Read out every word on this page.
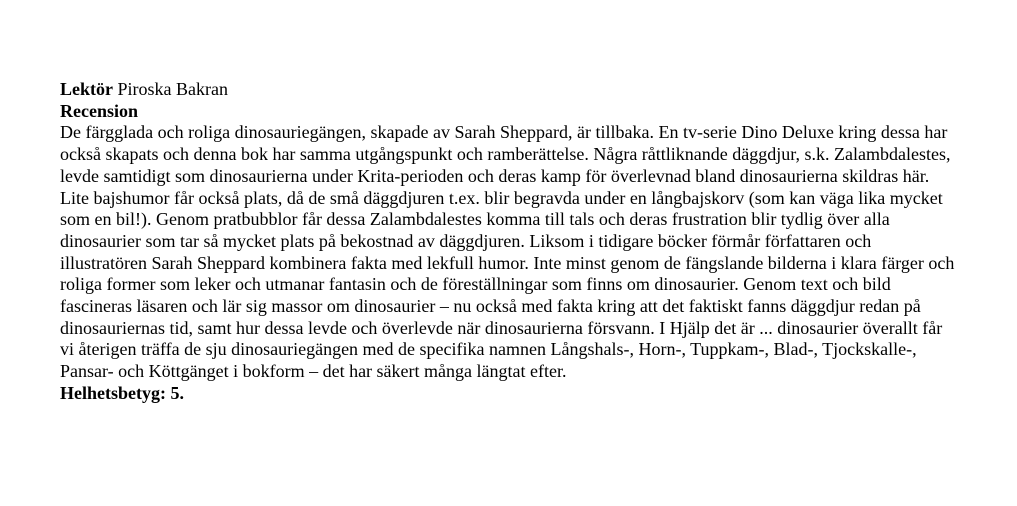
Lektör Piroska Bakran
Recension

De färgglada och roliga dinosauriegängen, skapade av Sarah Sheppard, är tillbaka. En tv-serie Dino Deluxe kring dessa har också skapats och denna bok har samma utgångspunkt och ramberättelse. Några råttliknande däggdjur, s.k. Zalambdalestes, levde samtidigt som dinosaurierna under Krita-perioden och deras kamp för överlevnad bland dinosaurierna skildras här. Lite bajshumor får också plats, då de små däggdjuren t.ex. blir begravda under en långbajskorv (som kan väga lika mycket som en bil!). Genom pratbubblor får dessa Zalambdalestes komma till tals och deras frustration blir tydlig över alla dinosaurier som tar så mycket plats på bekostnad av däggdjuren. Liksom i tidigare böcker förmår författaren och illustratören Sarah Sheppard kombinera fakta med lekfull humor. Inte minst genom de fängslande bilderna i klara färger och roliga former som leker och utmanar fantasin och de föreställningar som finns om dinosaurier. Genom text och bild fascineras läsaren och lär sig massor om dinosaurier – nu också med fakta kring att det faktiskt fanns däggdjur redan på dinosauriernas tid, samt hur dessa levde och överlevde när dinosaurierna försvann. I Hjälp det är ... dinosaurier överallt får vi återigen träffa de sju dinosauriegängen med de specifika namnen Långshals-, Horn-, Tuppkam-, Blad-, Tjockskalle-, Pansar- och Köttgänget i bokform – det har säkert många längtat efter.

Helhetsbetyg: 5.
